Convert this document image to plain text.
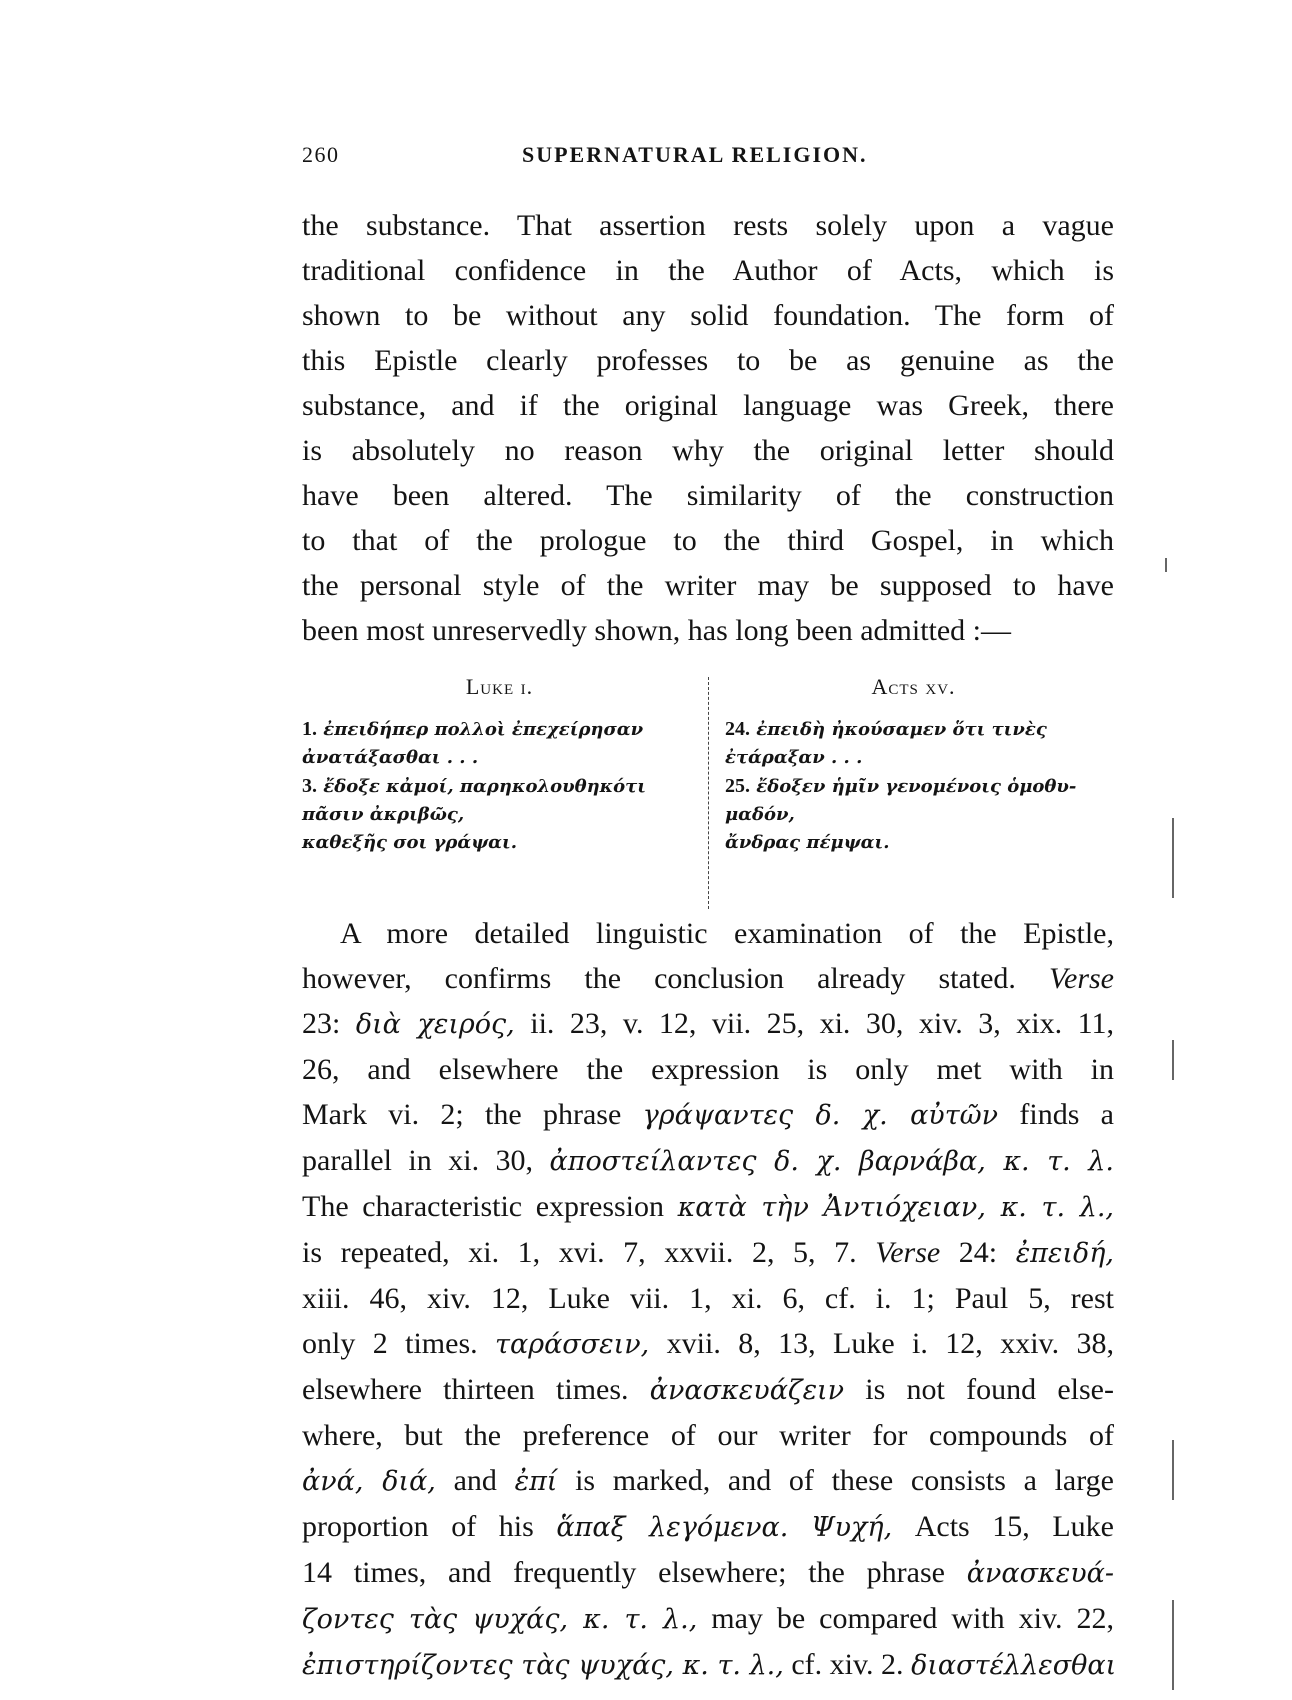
260	SUPERNATURAL RELIGION.
the substance. That assertion rests solely upon a vague
traditional confidence in the Author of Acts, which is
shown to be without any solid foundation. The form of
this Epistle clearly professes to be as genuine as the
substance, and if the original language was Greek, there
is absolutely no reason why the original letter should
have been altered. The similarity of the construction
to that of the prologue to the third Gospel, in which
the personal style of the writer may be supposed to have
been most unreservedly shown, has long been admitted :—
Luke i.
1. ἐπειδήπερ πολλοὶ ἐπεχείρησαν
ἀνατάξασθαι . . .
3. ἔδοξε κἀμοί, παρηκολουθηκότι
πᾶσιν ἀκριβῶς,
καθεξῆς σοι γράψαι.
Acts xv.
24. ἐπειδὴ ἠκούσαμεν ὅτι τινὲς
ἐτάραξαν . . .
25. ἔδοξεν ἡμῖν γενομένοις ὁμοθυ-
μαδόν,
ἄνδρας πέμψαι.
A more detailed linguistic examination of the Epistle,
however, confirms the conclusion already stated. Verse
23: διὰ χειρός, ii. 23, v. 12, vii. 25, xi. 30, xiv. 3, xix. 11,
26, and elsewhere the expression is only met with in
Mark vi. 2; the phrase γράψαντες δ. χ. αὐτῶν finds a
parallel in xi. 30, ἀποστείλαντες δ. χ. βαρνάβα, κ. τ. λ.
The characteristic expression κατὰ τὴν Ἀντιόχειαν, κ. τ. λ.,
is repeated, xi. 1, xvi. 7, xxvii. 2, 5, 7. Verse 24: ἐπειδή,
xiii. 46, xiv. 12, Luke vii. 1, xi. 6, cf. i. 1; Paul 5, rest
only 2 times. ταράσσειν, xvii. 8, 13, Luke i. 12, xxiv. 38,
elsewhere thirteen times. ἀνασκευάζειν is not found else-
where, but the preference of our writer for compounds of
ἀνά, διά, and ἐπί is marked, and of these consists a large
proportion of his ἅπαξ λεγόμενα. Ψυχή, Acts 15, Luke
14 times, and frequently elsewhere; the phrase ἀνασκευά-
ζοντες τὰς ψυχάς, κ. τ. λ., may be compared with xiv. 22,
ἐπιστηρίζοντες τὰς ψυχάς, κ. τ. λ., cf. xiv. 2. διαστέλλεσθαι
